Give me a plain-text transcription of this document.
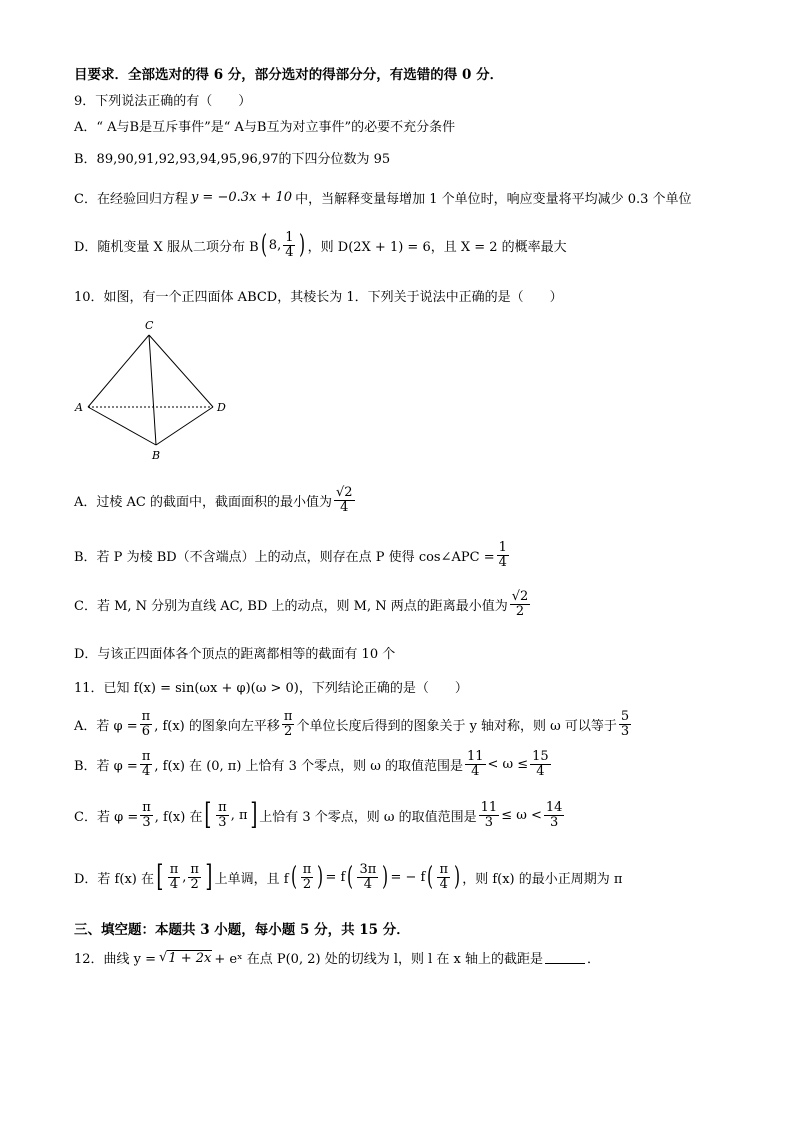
目要求．全部选对的得 6 分，部分选对的得部分分，有选错的得 0 分．
9．下列说法正确的有（　　）
A．“ A与B是互斥事件”是“ A与B互为对立事件”的必要不充分条件
B．89,90,91,92,93,94,95,96,97的下四分位数为 95
C．在经验回归方程 y = −0.3x + 10 中，当解释变量每增加 1 个单位时，响应变量将平均减少 0.3 个单位
D．随机变量 X 服从二项分布 B ( 8, $\frac{1}{4}$ ) ，则 D(2X + 1) = 6，且 X = 2 的概率最大
10．如图，有一个正四面体 ABCD，其棱长为 1．下列关于说法中正确的是（　　）
C
A	D
B
A．过棱 AC 的截面中，截面面积的最小值为 $\frac{√2}{4}$
B．若 P 为棱 BD（不含端点）上的动点，则存在点 P 使得 cos∠APC = $\frac{1}{4}$
C．若 M, N 分别为直线 AC, BD 上的动点，则 M, N 两点的距离最小值为 $\frac{√2}{2}$
D．与该正四面体各个顶点的距离都相等的截面有 10 个
11．已知 f(x) = sin(ωx + φ)(ω > 0)，下列结论正确的是（　　）
A．若 $\varphi = \frac{\pi}{6}$ , f(x) 的图象向左平移 $\frac{\pi}{2}$ 个单位长度后得到的图象关于 y 轴对称，则 ω 可以等于 $\frac{5}{3}$
B．若 $\varphi = \frac{\pi}{4}$ , f(x) 在 (0, π) 上恰有 3 个零点，则 ω 的取值范围是 $\frac{11}{4} < \omega \le \frac{15}{4}$
C．若 $\varphi = \frac{\pi}{3}$ , f(x) 在 [ $\frac{\pi}{3}$ , π ] 上恰有 3 个零点，则 ω 的取值范围是 $\frac{11}{3} \le \omega < \frac{14}{3}$
D．若 f(x) 在 [ $\frac{\pi}{4}$ , $\frac{\pi}{2}$ ] 上单调，且 f ( $\frac{\pi}{2}$ ) = f ( $\frac{3\pi}{4}$ ) = − f ( $\frac{\pi}{4}$ ) ，则 f(x) 的最小正周期为 π
三、填空题：本题共 3 小题，每小题 5 分，共 15 分．
12．曲线 y = √ 1 + 2x + eˣ 在点 P(0, 2) 处的切线为 l，则 l 在 x 轴上的截距是	．
